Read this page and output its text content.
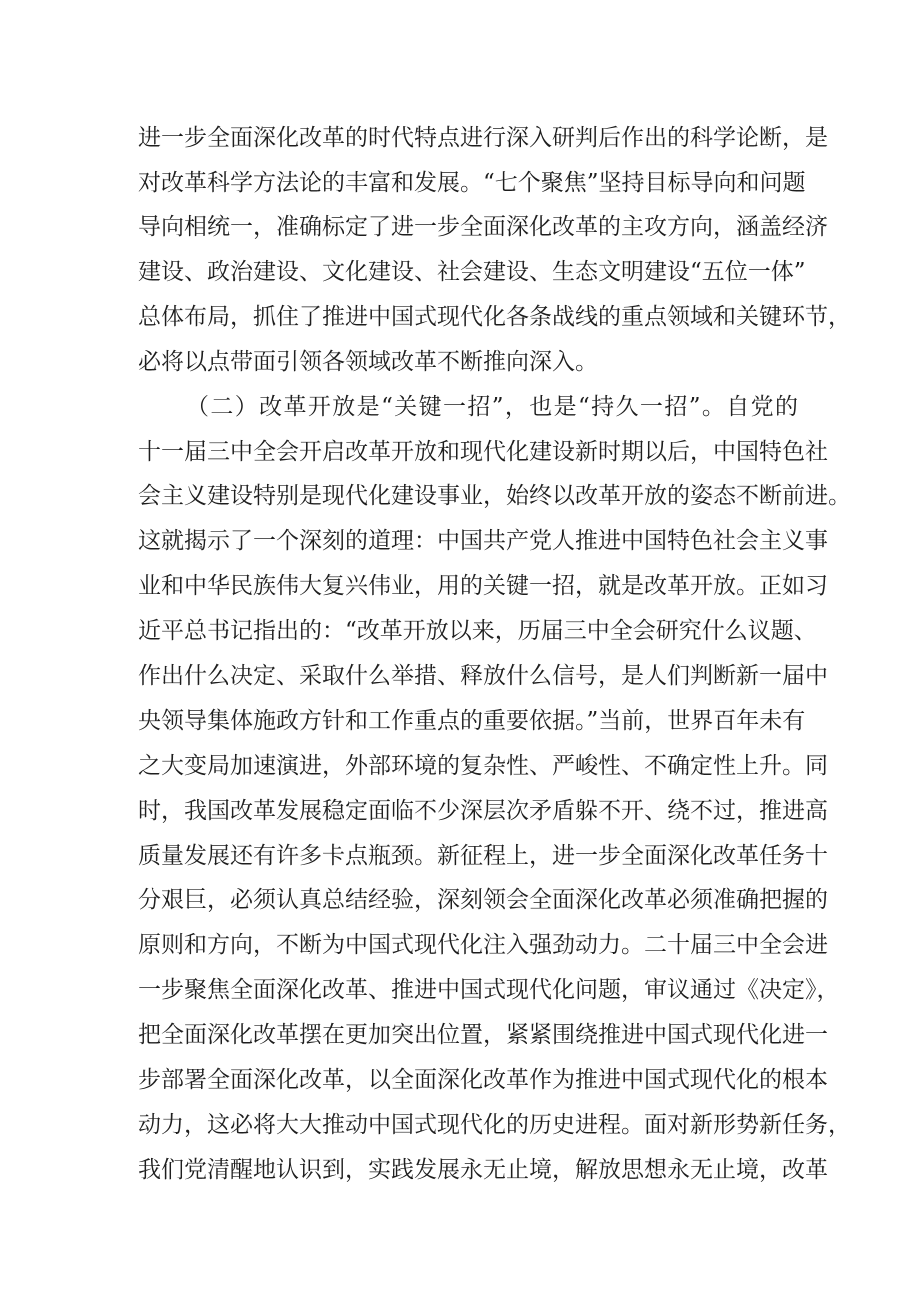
进一步全面深化改革的时代特点进行深入研判后作出的科学论断，是
对改革科学方法论的丰富和发展。“七个聚焦”坚持目标导向和问题
导向相统一，准确标定了进一步全面深化改革的主攻方向，涵盖经济
建设、政治建设、文化建设、社会建设、生态文明建设“五位一体”
总体布局，抓住了推进中国式现代化各条战线的重点领域和关键环节，
必将以点带面引领各领域改革不断推向深入。
（二）改革开放是“关键一招”，也是“持久一招”。自党的
十一届三中全会开启改革开放和现代化建设新时期以后，中国特色社
会主义建设特别是现代化建设事业，始终以改革开放的姿态不断前进。
这就揭示了一个深刻的道理：中国共产党人推进中国特色社会主义事
业和中华民族伟大复兴伟业，用的关键一招，就是改革开放。正如习
近平总书记指出的：“改革开放以来，历届三中全会研究什么议题、
作出什么决定、采取什么举措、释放什么信号，是人们判断新一届中
央领导集体施政方针和工作重点的重要依据。”当前，世界百年未有
之大变局加速演进，外部环境的复杂性、严峻性、不确定性上升。同
时，我国改革发展稳定面临不少深层次矛盾躲不开、绕不过，推进高
质量发展还有许多卡点瓶颈。新征程上，进一步全面深化改革任务十
分艰巨，必须认真总结经验，深刻领会全面深化改革必须准确把握的
原则和方向，不断为中国式现代化注入强劲动力。二十届三中全会进
一步聚焦全面深化改革、推进中国式现代化问题，审议通过《决定》，
把全面深化改革摆在更加突出位置，紧紧围绕推进中国式现代化进一
步部署全面深化改革，以全面深化改革作为推进中国式现代化的根本
动力，这必将大大推动中国式现代化的历史进程。面对新形势新任务，
我们党清醒地认识到，实践发展永无止境，解放思想永无止境，改革
